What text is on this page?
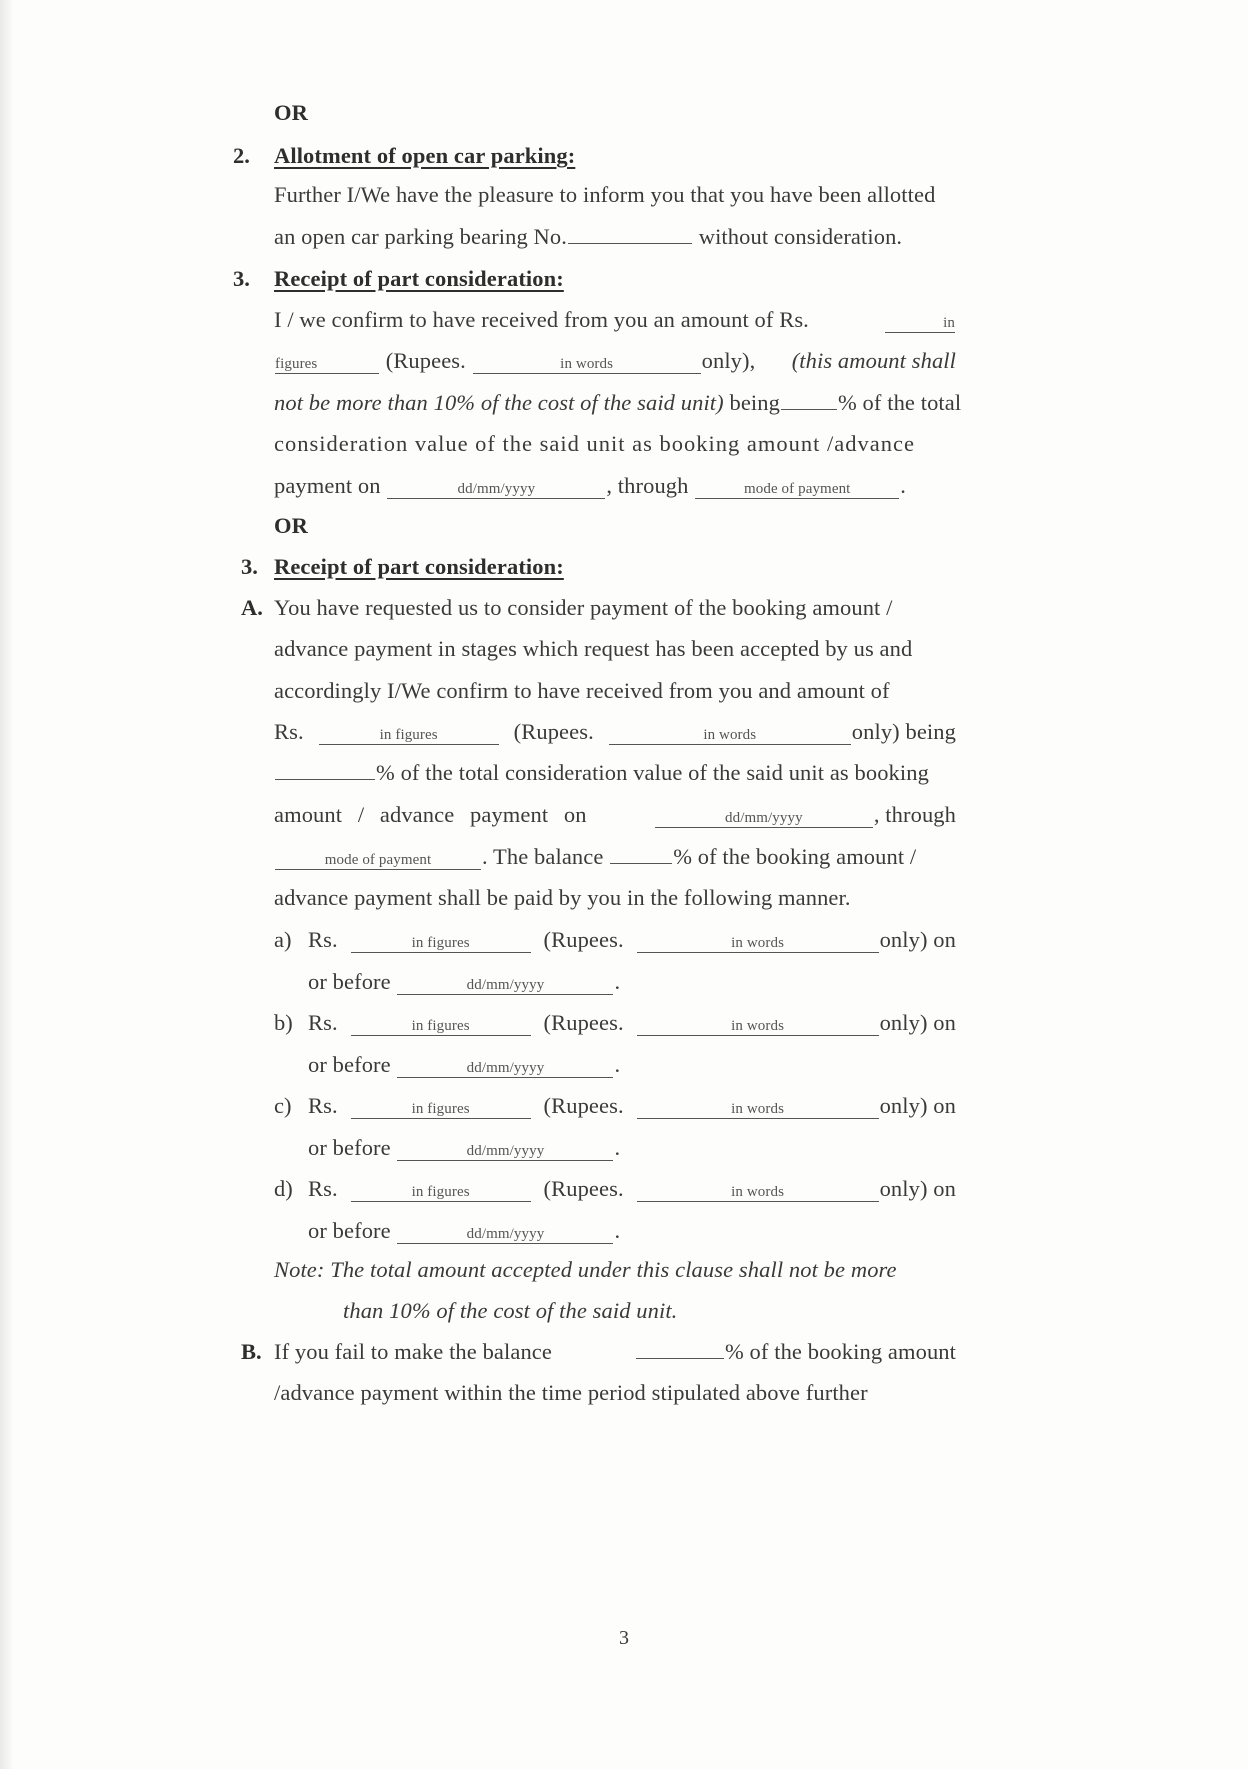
OR
2. Allotment of open car parking:
Further I/We have the pleasure to inform you that you have been allotted
an open car parking bearing No.	without consideration.
3. Receipt of part consideration:
I / we confirm to have received from you an amount of Rs.	in
figures	(Rupees.	in words	only), (this amount shall
not be more than 10% of the cost of the said unit) being	% of the total
consideration value of the said unit as booking amount /advance
payment on	dd/mm/yyyy	, through	mode of payment .
OR
3. Receipt of part consideration:
A. You have requested us to consider payment of the booking amount /
advance payment in stages which request has been accepted by us and
accordingly I/We confirm to have received from you and amount of
Rs.	in figures	(Rupees.	in words	only) being
% of the total consideration value of the said unit as booking
amount / advance payment on	dd/mm/yyyy	, through
mode of payment . The balance	% of the booking amount /
advance payment shall be paid by you in the following manner.
a) Rs.	in figures	(Rupees.	in words	only) on
or before	dd/mm/yyyy	.
b) Rs.	in figures	(Rupees.	in words	only) on
or before	dd/mm/yyyy	.
c) Rs.	in figures	(Rupees.	in words	only) on
or before	dd/mm/yyyy	.
d) Rs.	in figures	(Rupees.	in words	only) on
or before	dd/mm/yyyy	.
Note: The total amount accepted under this clause shall not be more
than 10% of the cost of the said unit.
B. If you fail to make the balance	% of the booking amount
/advance payment within the time period stipulated above further
3
